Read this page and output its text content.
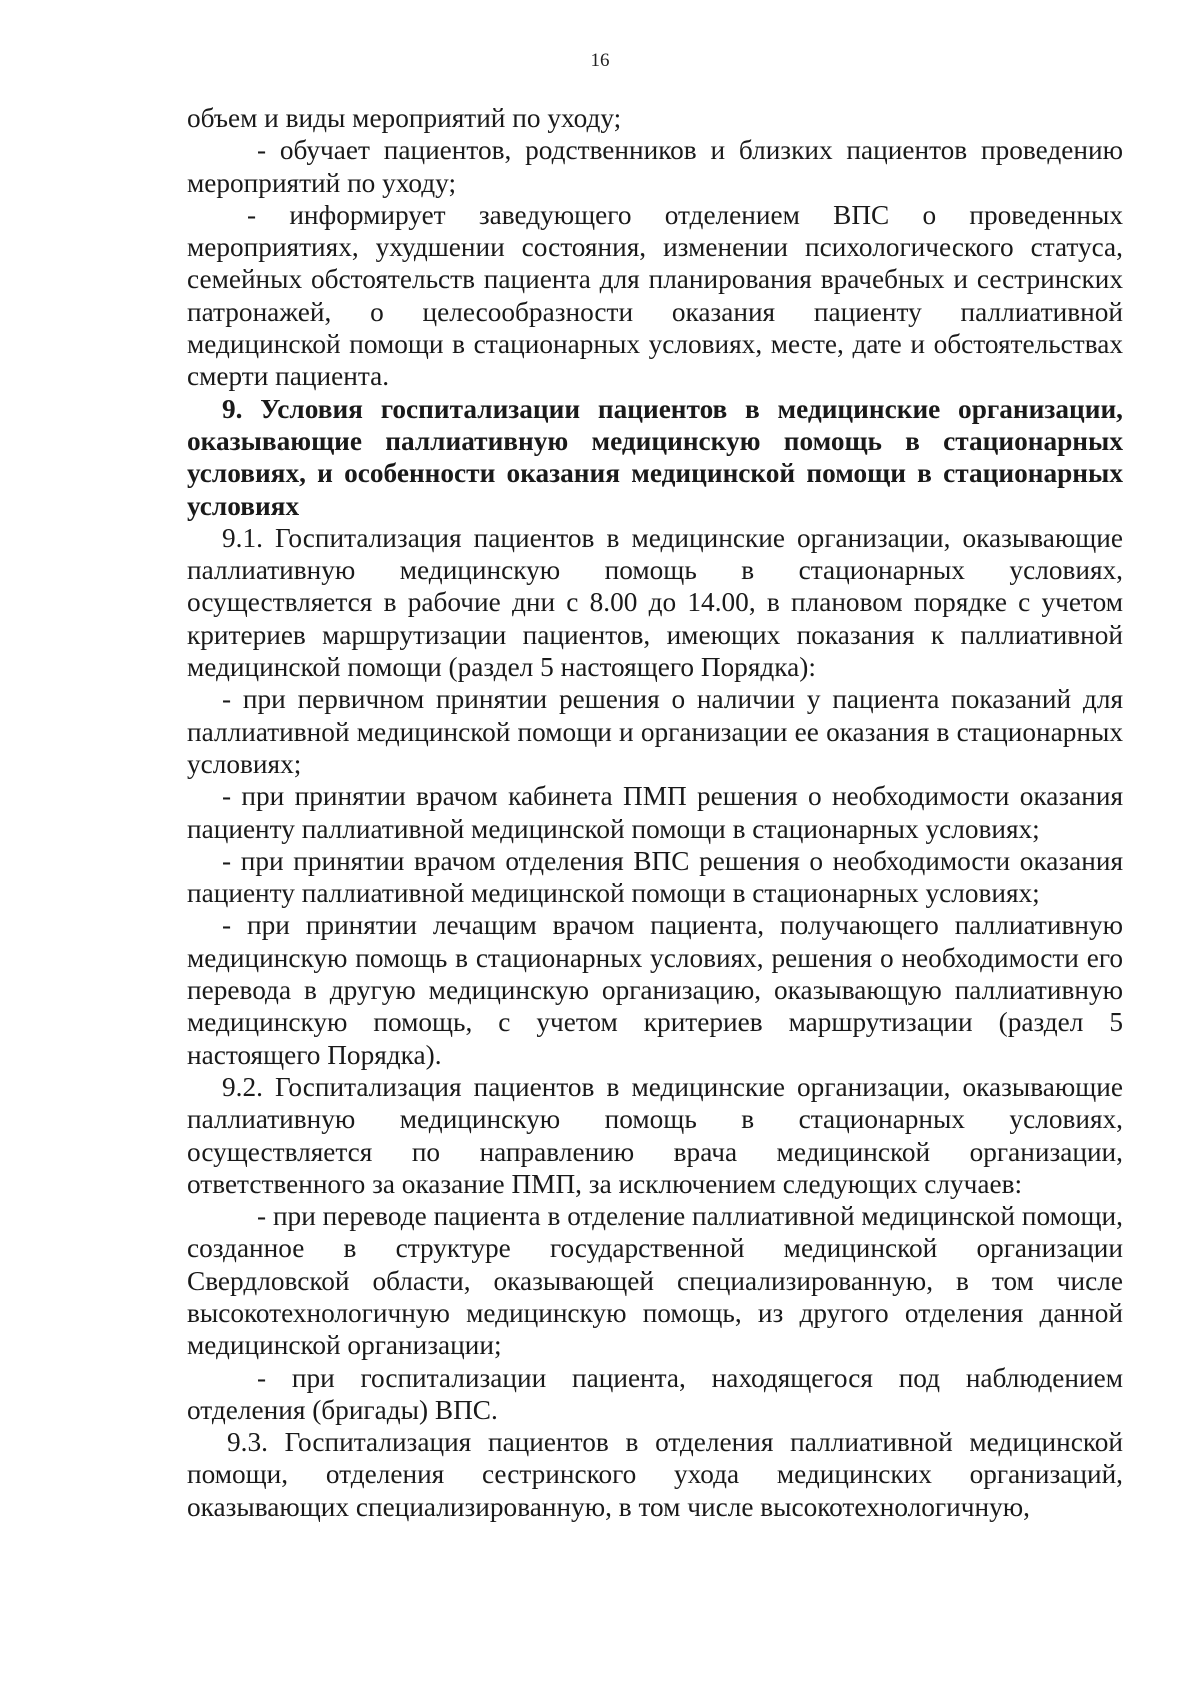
16

объем и виды мероприятий по уходу;

- обучает пациентов, родственников и близких пациентов проведению мероприятий по уходу;

- информирует заведующего отделением ВПС о проведенных мероприятиях, ухудшении состояния, изменении психологического статуса, семейных обстоятельств пациента для планирования врачебных и сестринских патронажей, о целесообразности оказания пациенту паллиативной медицинской помощи в стационарных условиях, месте, дате и обстоятельствах смерти пациента.

9. Условия госпитализации пациентов в медицинские организации, оказывающие паллиативную медицинскую помощь в стационарных условиях, и особенности оказания медицинской помощи в стационарных условиях

9.1. Госпитализация пациентов в медицинские организации, оказывающие паллиативную медицинскую помощь в стационарных условиях, осуществляется в рабочие дни с 8.00 до 14.00, в плановом порядке с учетом критериев маршрутизации пациентов, имеющих показания к паллиативной медицинской помощи (раздел 5 настоящего Порядка):

- при первичном принятии решения о наличии у пациента показаний для паллиативной медицинской помощи и организации ее оказания в стационарных условиях;

- при принятии врачом кабинета ПМП решения о необходимости оказания пациенту паллиативной медицинской помощи в стационарных условиях;

- при принятии врачом отделения ВПС решения о необходимости оказания пациенту паллиативной медицинской помощи в стационарных условиях;

- при принятии лечащим врачом пациента, получающего паллиативную медицинскую помощь в стационарных условиях, решения о необходимости его перевода в другую медицинскую организацию, оказывающую паллиативную медицинскую помощь, с учетом критериев маршрутизации (раздел 5 настоящего Порядка).

9.2. Госпитализация пациентов в медицинские организации, оказывающие паллиативную медицинскую помощь в стационарных условиях, осуществляется по направлению врача медицинской организации, ответственного за оказание ПМП, за исключением следующих случаев:

- при переводе пациента в отделение паллиативной медицинской помощи, созданное в структуре государственной медицинской организации Свердловской области, оказывающей специализированную, в том числе высокотехнологичную медицинскую помощь, из другого отделения данной медицинской организации;

- при госпитализации пациента, находящегося под наблюдением отделения (бригады) ВПС.

9.3. Госпитализация пациентов в отделения паллиативной медицинской помощи, отделения сестринского ухода медицинских организаций, оказывающих специализированную, в том числе высокотехнологичную,
